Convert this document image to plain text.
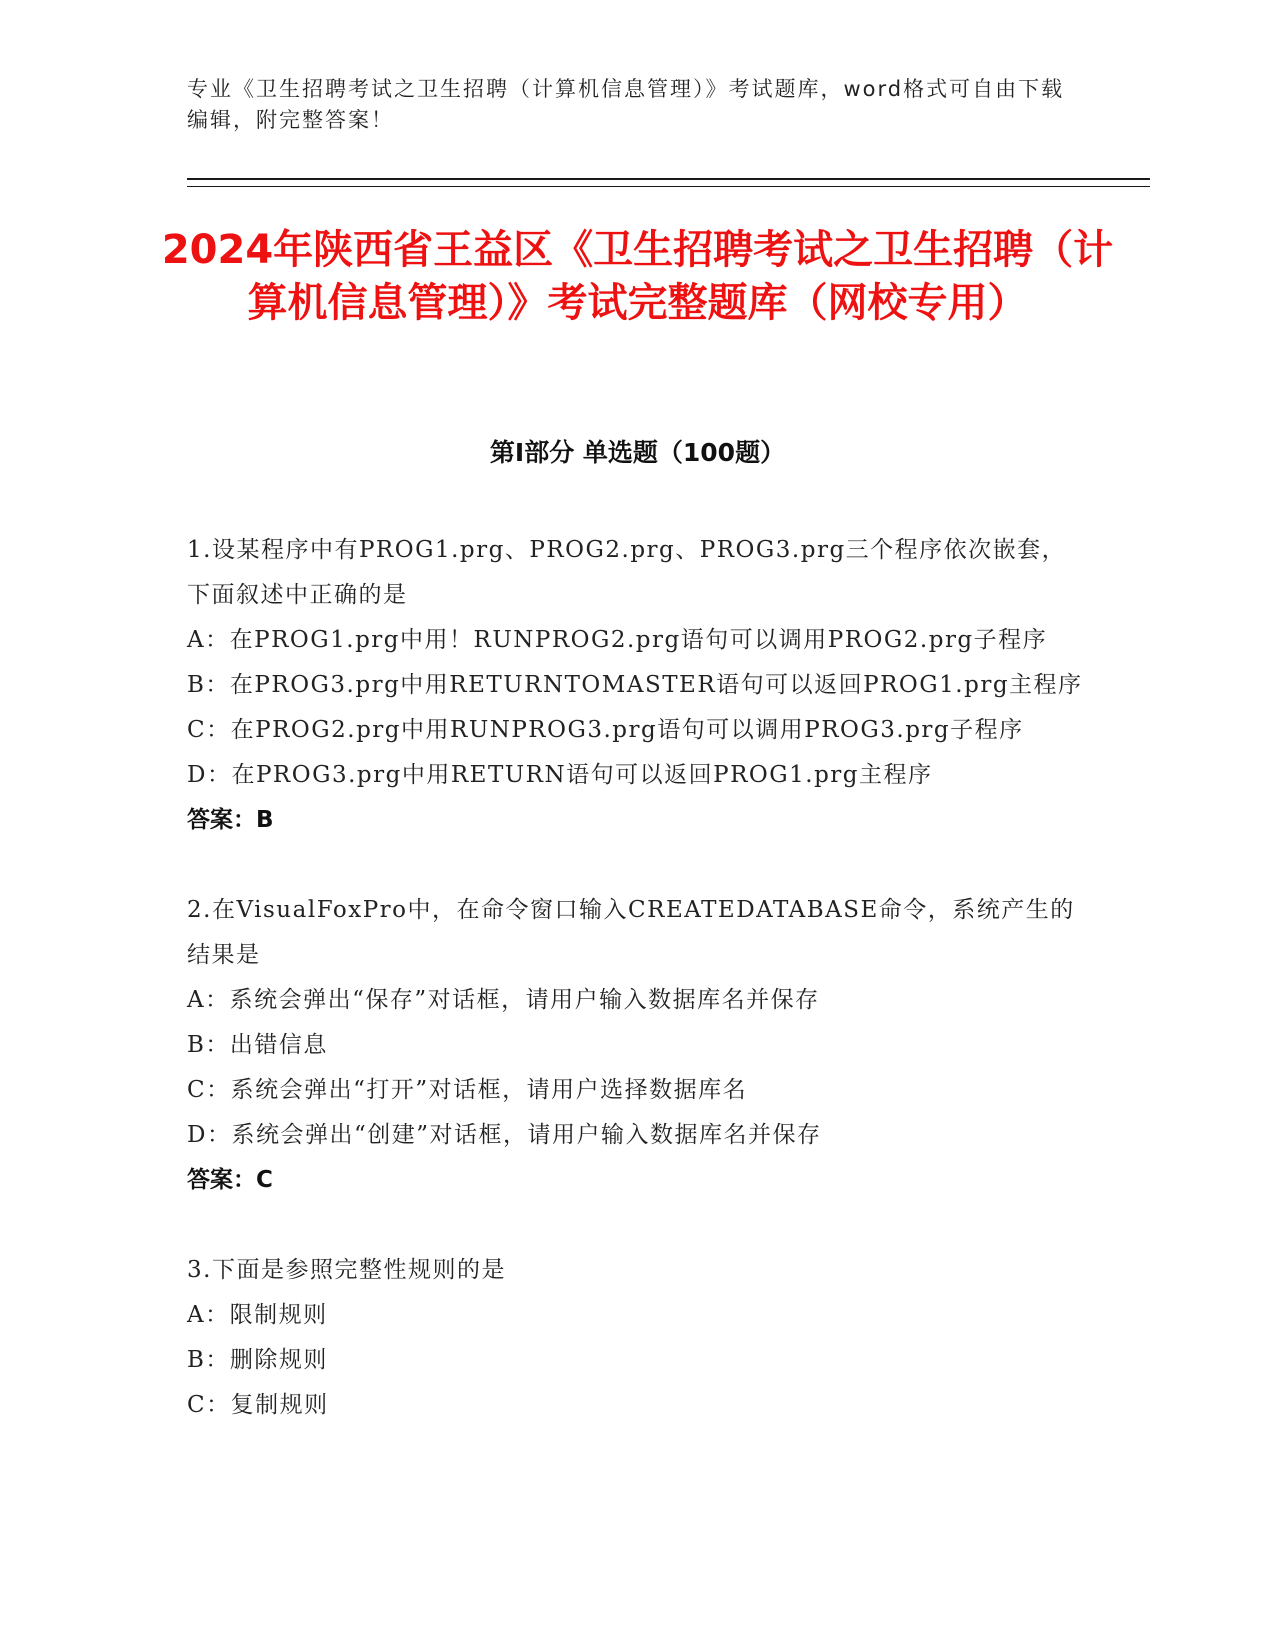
专业《卫生招聘考试之卫生招聘（计算机信息管理）》考试题库，word格式可自由下载编辑，附完整答案！
2024年陕西省王益区《卫生招聘考试之卫生招聘（计算机信息管理）》考试完整题库（网校专用）
第Ⅰ部分 单选题（100题）
1.设某程序中有PROG1.prg、PROG2.prg、PROG3.prg三个程序依次嵌套，下面叙述中正确的是
A：在PROG1.prg中用！RUNPROG2.prg语句可以调用PROG2.prg子程序
B：在PROG3.prg中用RETURNTOMASTER语句可以返回PROG1.prg主程序
C：在PROG2.prg中用RUNPROG3.prg语句可以调用PROG3.prg子程序
D：在PROG3.prg中用RETURN语句可以返回PROG1.prg主程序
答案：B
2.在VisualFoxPro中，在命令窗口输入CREATEDATABASE命令，系统产生的结果是
A：系统会弹出“保存”对话框，请用户输入数据库名并保存
B：出错信息
C：系统会弹出“打开”对话框，请用户选择数据库名
D：系统会弹出“创建”对话框，请用户输入数据库名并保存
答案：C
3.下面是参照完整性规则的是
A：限制规则
B：删除规则
C：复制规则
